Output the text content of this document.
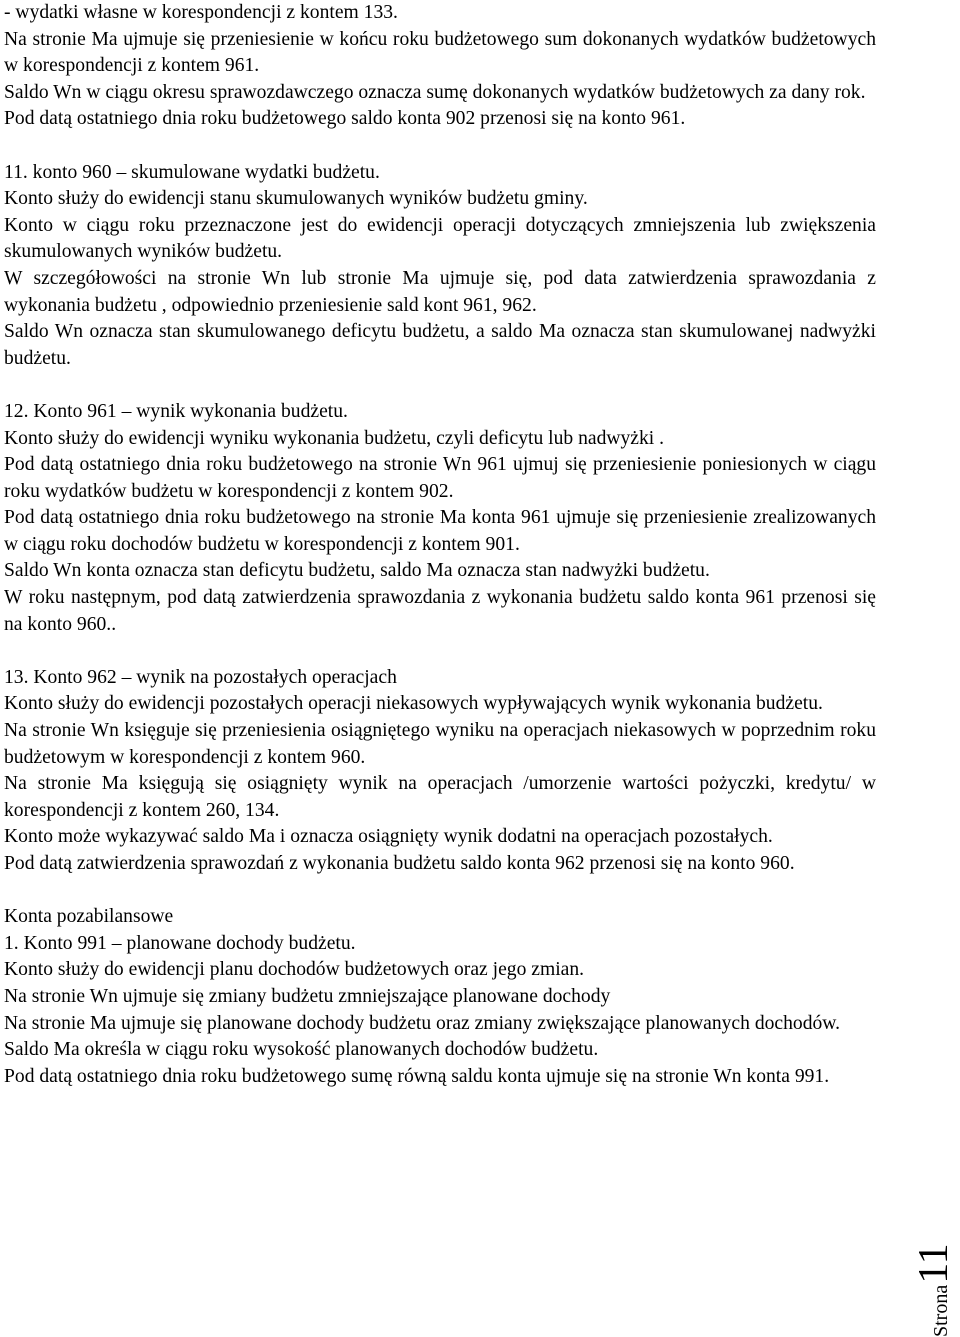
- wydatki własne w korespondencji z kontem 133.

Na stronie Ma ujmuje się przeniesienie w końcu roku budżetowego sum dokonanych wydatków budżetowych w korespondencji z kontem 961.

Saldo Wn w ciągu okresu sprawozdawczego oznacza sumę dokonanych wydatków budżetowych za dany rok.

Pod datą ostatniego dnia roku budżetowego saldo konta 902 przenosi się na konto 961.

11. konto 960 – skumulowane wydatki budżetu.

Konto służy do ewidencji stanu skumulowanych wyników budżetu gminy.

Konto w ciągu roku przeznaczone jest do ewidencji operacji dotyczących zmniejszenia lub zwiększenia skumulowanych wyników budżetu.

W szczegółowości na stronie Wn lub stronie Ma ujmuje się, pod data zatwierdzenia sprawozdania z wykonania budżetu , odpowiednio przeniesienie sald kont 961, 962.

Saldo Wn oznacza stan skumulowanego deficytu budżetu, a saldo Ma oznacza stan skumulowanej nadwyżki budżetu.

12. Konto 961 – wynik wykonania budżetu.

Konto służy do ewidencji wyniku wykonania budżetu, czyli deficytu lub nadwyżki .

Pod datą ostatniego dnia roku budżetowego na stronie Wn 961 ujmuj się przeniesienie poniesionych w ciągu roku wydatków budżetu w korespondencji z kontem 902.

Pod datą ostatniego dnia roku budżetowego na stronie Ma konta 961 ujmuje się przeniesienie zrealizowanych w ciągu roku dochodów budżetu w korespondencji z kontem 901.

Saldo Wn konta oznacza stan deficytu budżetu, saldo Ma oznacza stan nadwyżki budżetu.

W roku następnym, pod datą zatwierdzenia sprawozdania z wykonania budżetu saldo konta 961 przenosi się na konto 960..

13. Konto 962 – wynik na pozostałych operacjach

Konto służy do ewidencji pozostałych operacji niekasowych wypływających wynik wykonania budżetu.

Na stronie Wn księguje się przeniesienia osiągniętego wyniku na operacjach niekasowych w poprzednim roku budżetowym w korespondencji z kontem 960.

Na stronie Ma księgują się osiągnięty wynik na operacjach /umorzenie wartości pożyczki, kredytu/ w korespondencji z kontem 260, 134.

Konto może wykazywać saldo Ma i oznacza osiągnięty wynik dodatni na operacjach pozostałych.

Pod datą zatwierdzenia sprawozdań z wykonania budżetu saldo konta 962 przenosi się na konto 960.

Konta pozabilansowe

1. Konto 991 – planowane dochody budżetu.

Konto służy do ewidencji planu dochodów budżetowych oraz jego zmian.

Na stronie Wn ujmuje się zmiany budżetu zmniejszające planowane dochody

Na stronie Ma ujmuje się planowane dochody budżetu oraz zmiany zwiększające planowanych dochodów.

Saldo Ma określa w ciągu roku wysokość planowanych dochodów budżetu.

Pod datą ostatniego dnia roku budżetowego sumę równą saldu konta ujmuje się na stronie Wn konta 991.

Strona11
